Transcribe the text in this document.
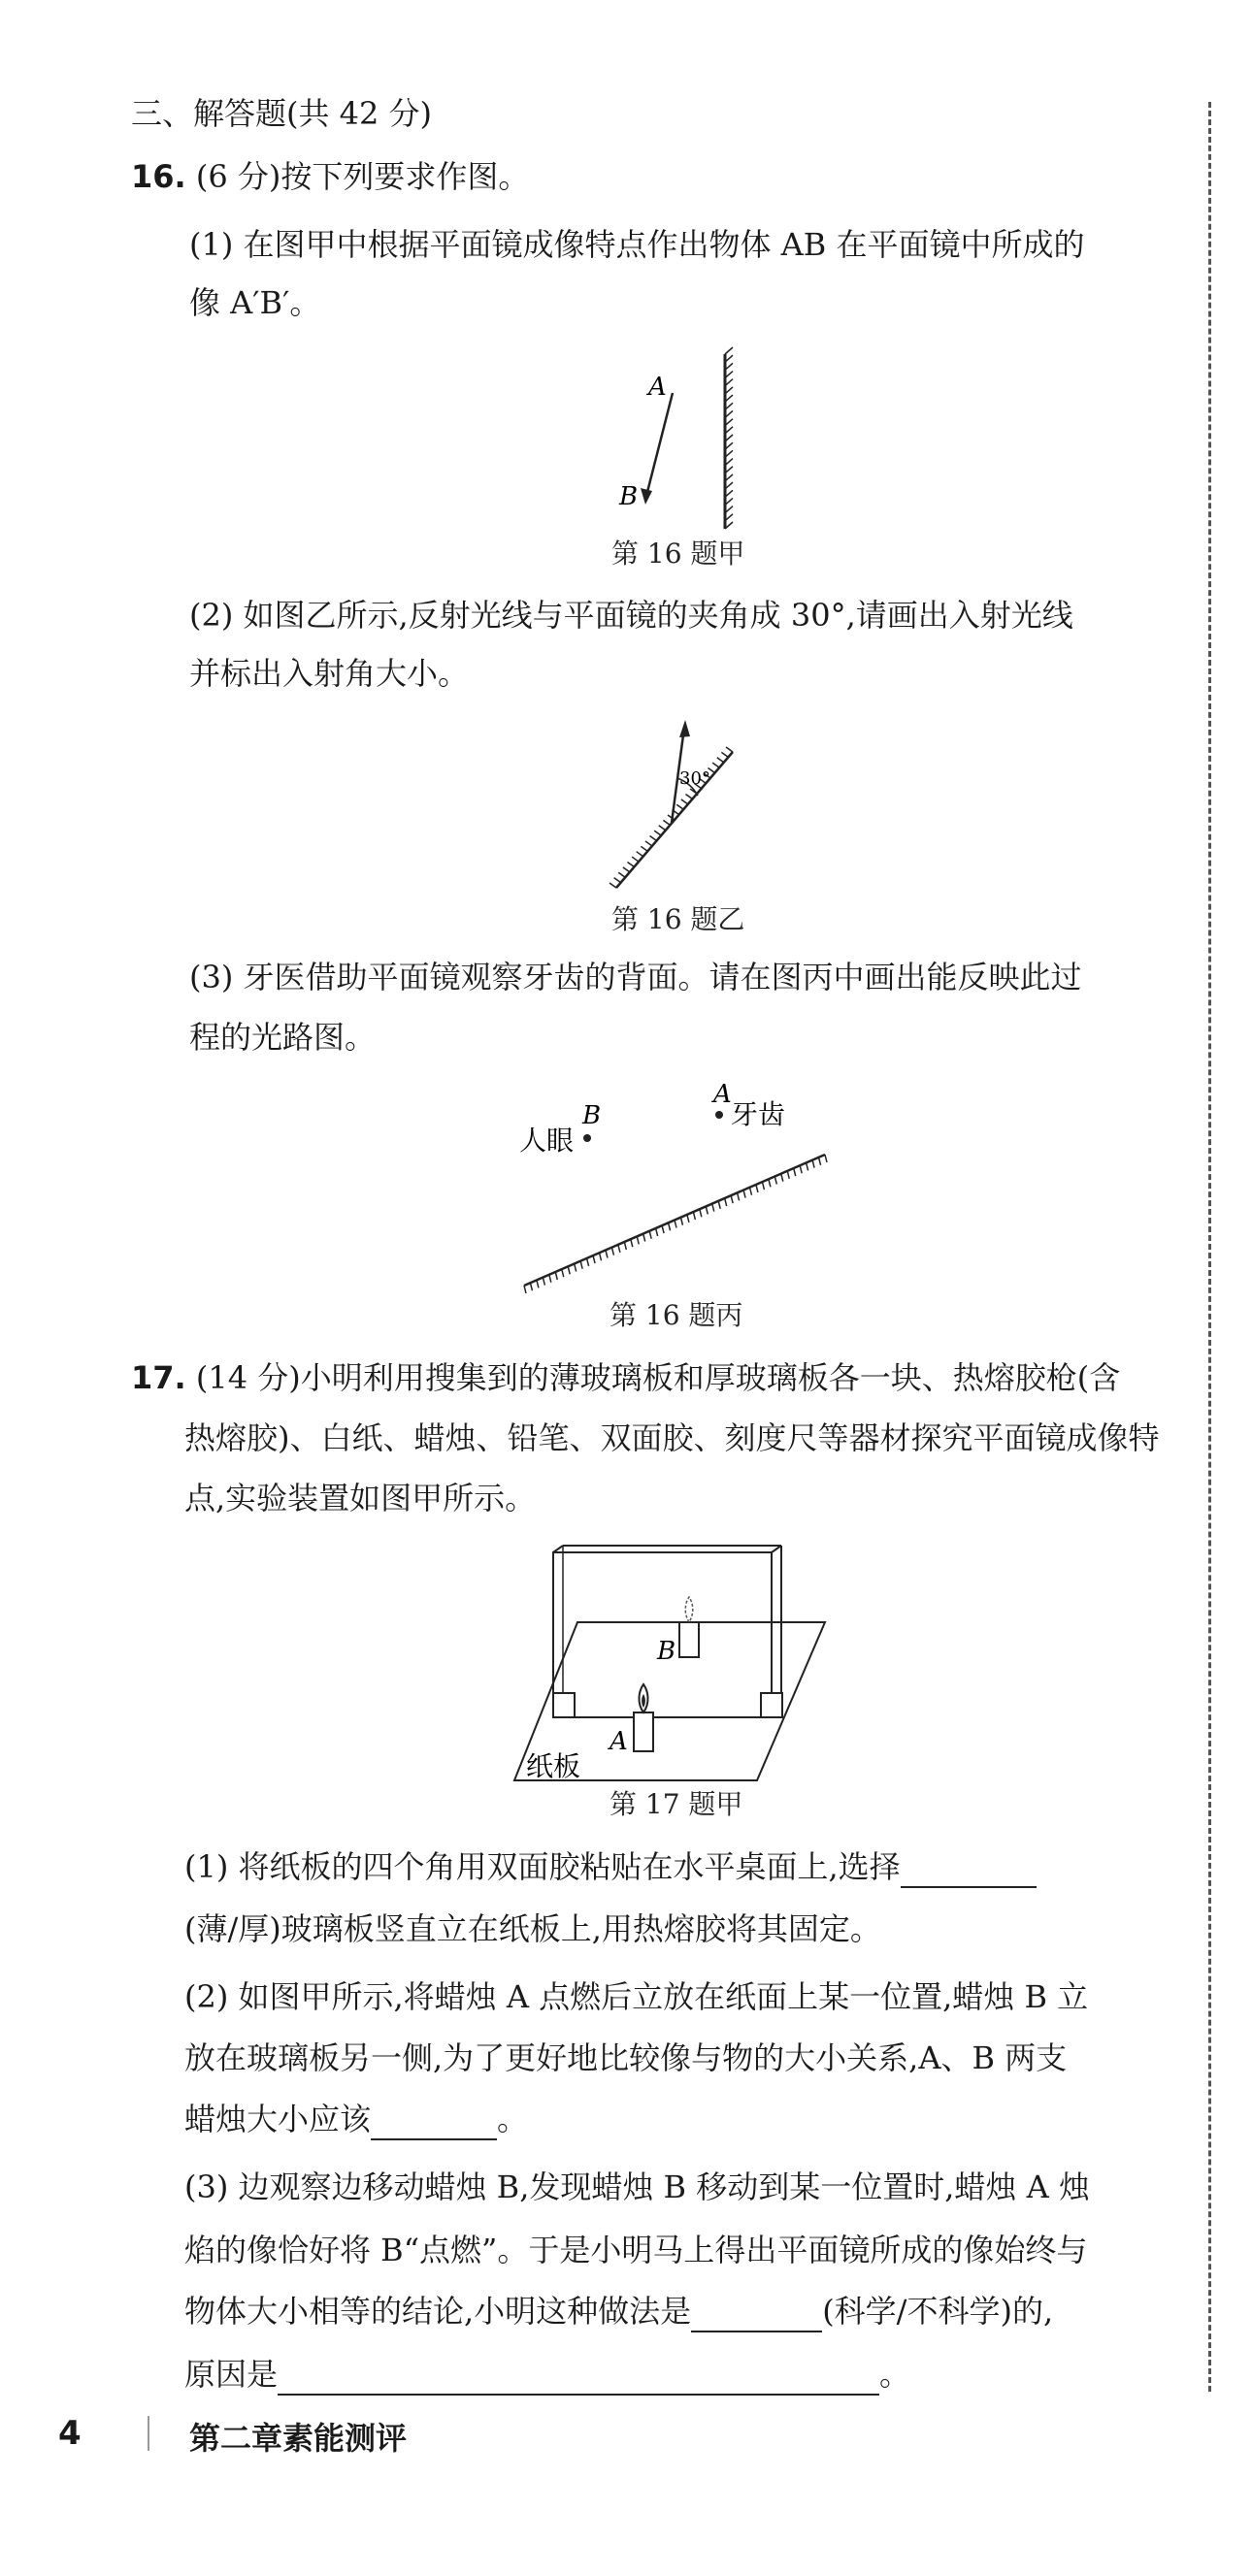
三、解答题(共 42 分)
16. (6 分)按下列要求作图。
(1) 在图甲中根据平面镜成像特点作出物体 AB 在平面镜中所成的
像 A′B′。
A
B
第 16 题甲
(2) 如图乙所示,反射光线与平面镜的夹角成 30°,请画出入射光线
并标出入射角大小。
30°
第 16 题乙
(3) 牙医借助平面镜观察牙齿的背面。请在图丙中画出能反映此过
程的光路图。
人眼
B
A
牙齿
第 16 题丙
17. (14 分)小明利用搜集到的薄玻璃板和厚玻璃板各一块、热熔胶枪(含
热熔胶)、白纸、蜡烛、铅笔、双面胶、刻度尺等器材探究平面镜成像特
点,实验装置如图甲所示。
B
A
纸板
第 17 题甲
(1) 将纸板的四个角用双面胶粘贴在水平桌面上,选择
(薄/厚)玻璃板竖直立在纸板上,用热熔胶将其固定。
(2) 如图甲所示,将蜡烛 A 点燃后立放在纸面上某一位置,蜡烛 B 立
放在玻璃板另一侧,为了更好地比较像与物的大小关系,A、B 两支
蜡烛大小应该	。
(3) 边观察边移动蜡烛 B,发现蜡烛 B 移动到某一位置时,蜡烛 A 烛
焰的像恰好将 B“点燃”。于是小明马上得出平面镜所成的像始终与
物体大小相等的结论,小明这种做法是	(科学/不科学)的,
原因是	。
4	第二章素能测评
